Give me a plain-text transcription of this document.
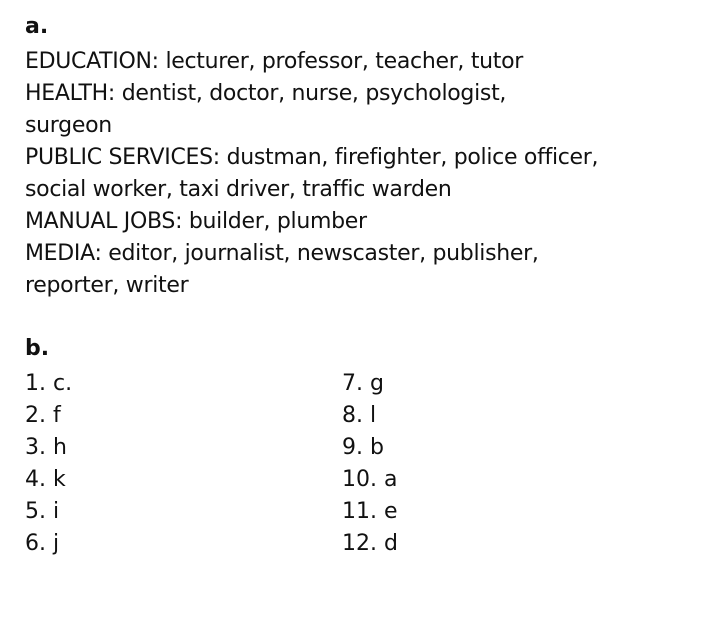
a.

EDUCATION: lecturer, professor, teacher, tutor

HEALTH: dentist, doctor, nurse, psychologist,

surgeon

PUBLIC SERVICES: dustman, firefighter, police officer,

social worker, taxi driver, traffic warden

MANUAL JOBS: builder, plumber

MEDIA: editor, journalist, newscaster, publisher,

reporter, writer

b.
1. c.	7. g
2. f	8. l
3. h	9. b
4. k	10. a
5. i	11. e
6. j	12. d
